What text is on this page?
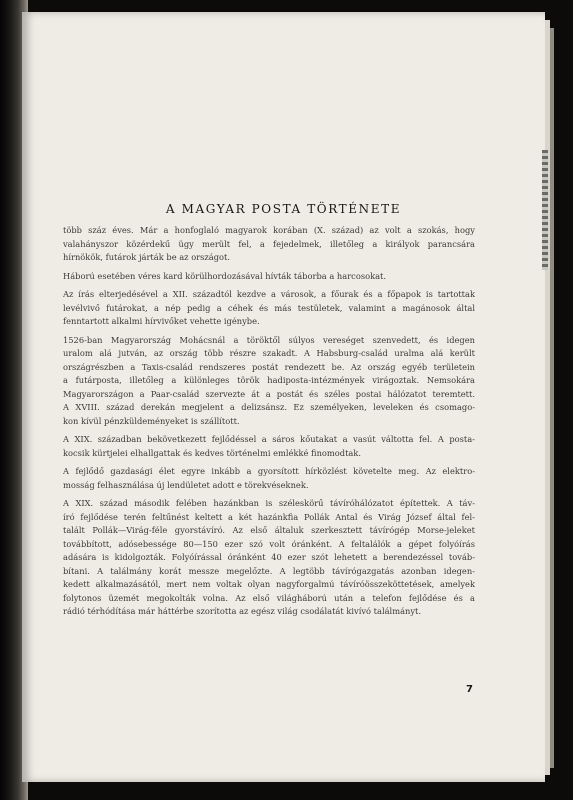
A MAGYAR POSTA TÖRTÉNETE
több száz éves. Már a honfoglaló magyarok korában (X. század) az volt a szokás, hogy
valahányszor közérdekű ügy merült fel, a fejedelmek, illetőleg a királyok parancsára
hírnökök, futárok járták be az országot.
Háború esetében véres kard körülhordozásával hívták táborba a harcosokat.
Az írás elterjedésével a XII. századtól kezdve a városok, a főurak és a főpapok is tartottak
levélvivő futárokat, a nép pedig a céhek és más testületek, valamint a magánosok által
fenntartott alkalmi hírvivőket vehette igénybe.
1526-ban Magyarország Mohácsnál a töröktől súlyos vereséget szenvedett, és idegen
uralom alá jutván, az ország több részre szakadt. A Habsburg-család uralma alá került
országrészben a Taxis-család rendszeres postát rendezett be. Az ország egyéb területein
a futárposta, illetőleg a különleges török hadiposta-intézmények virágoztak. Nemsokára
Magyarországon a Paar-család szervezte át a postát és széles postai hálózatot teremtett.
A XVIII. század derekán megjelent a delizsánsz. Ez személyeken, leveleken és csomago-
kon kívül pénzküldeményeket is szállított.
A XIX. században bekövetkezett fejlődéssel a sáros kőutakat a vasút váltotta fel. A posta-
kocsik kürtjelei elhallgattak és kedves történelmi emlékké finomodtak.
A fejlődő gazdasági élet egyre inkább a gyorsított hírközlést követelte meg. Az elektro-
mosság felhasználása új lendületet adott e törekvéseknek.
A XIX. század második felében hazánkban is széleskörű távíróhálózatot építettek. A táv-
író fejlődése terén feltűnést keltett a két hazánkfia Pollák Antal és Virág József által fel-
talált Pollák—Virág-féle gyorstávíró. Az első általuk szerkesztett távírógép Morse-jeleket
továbbított, adósebessége 80—150 ezer szó volt óránként. A feltalálók a gépet folyóírás
adására is kidolgozták. Folyóírással óránként 40 ezer szót lehetett a berendezéssel továb-
bítani. A találmány korát messze megelőzte. A legtöbb távírógazgatás azonban idegen-
kedett alkalmazásától, mert nem voltak olyan nagyforgalmú távíróösszeköttetések, amelyek
folytonos üzemét megokolták volna. Az első világháború után a telefon fejlődése és a
rádió térhódítása már háttérbe szorította az egész világ csodálatát kivívó találmányt.
7
